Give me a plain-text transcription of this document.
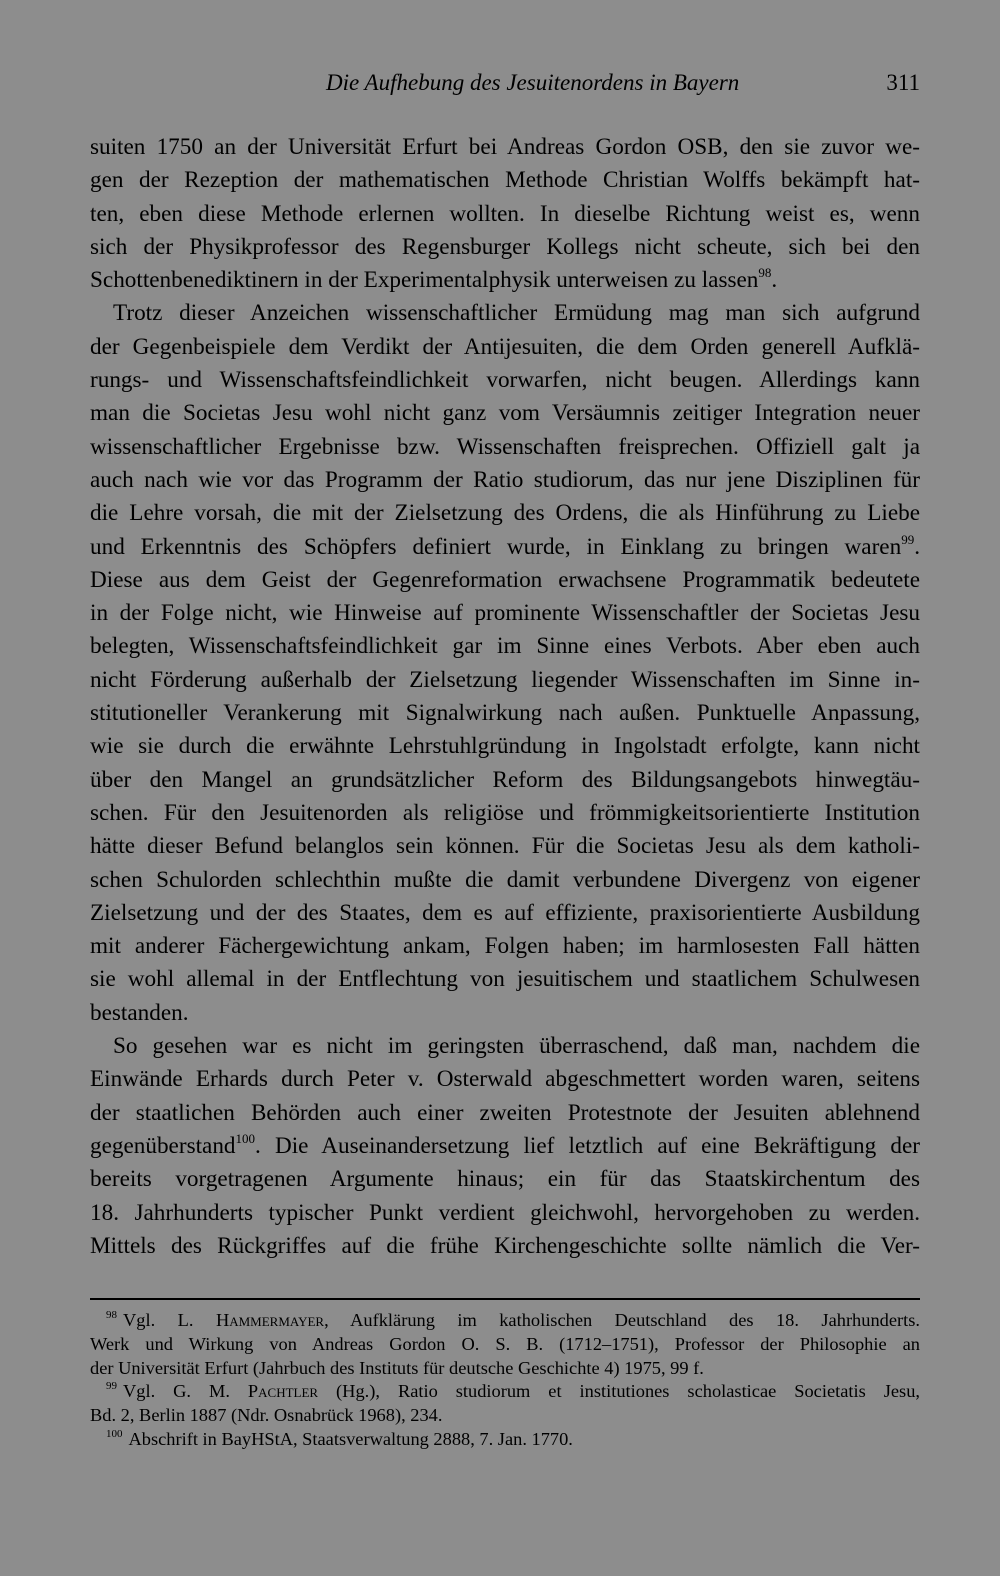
Die Aufhebung des Jesuitenordens in Bayern	311
suiten 1750 an der Universität Erfurt bei Andreas Gordon OSB, den sie zuvor we-
gen der Rezeption der mathematischen Methode Christian Wolffs bekämpft hat-
ten, eben diese Methode erlernen wollten. In dieselbe Richtung weist es, wenn
sich der Physikprofessor des Regensburger Kollegs nicht scheute, sich bei den
Schottenbenediktinern in der Experimentalphysik unterweisen zu lassen$^{98}$.
Trotz dieser Anzeichen wissenschaftlicher Ermüdung mag man sich aufgrund
der Gegenbeispiele dem Verdikt der Antijesuiten, die dem Orden generell Aufklä-
rungs- und Wissenschaftsfeindlichkeit vorwarfen, nicht beugen. Allerdings kann
man die Societas Jesu wohl nicht ganz vom Versäumnis zeitiger Integration neuer
wissenschaftlicher Ergebnisse bzw. Wissenschaften freisprechen. Offiziell galt ja
auch nach wie vor das Programm der Ratio studiorum, das nur jene Disziplinen für
die Lehre vorsah, die mit der Zielsetzung des Ordens, die als Hinführung zu Liebe
und Erkenntnis des Schöpfers definiert wurde, in Einklang zu bringen waren$^{99}$.
Diese aus dem Geist der Gegenreformation erwachsene Programmatik bedeutete
in der Folge nicht, wie Hinweise auf prominente Wissenschaftler der Societas Jesu
belegten, Wissenschaftsfeindlichkeit gar im Sinne eines Verbots. Aber eben auch
nicht Förderung außerhalb der Zielsetzung liegender Wissenschaften im Sinne in-
stitutioneller Verankerung mit Signalwirkung nach außen. Punktuelle Anpassung,
wie sie durch die erwähnte Lehrstuhlgründung in Ingolstadt erfolgte, kann nicht
über den Mangel an grundsätzlicher Reform des Bildungsangebots hinwegtäu-
schen. Für den Jesuitenorden als religiöse und frömmigkeitsorientierte Institution
hätte dieser Befund belanglos sein können. Für die Societas Jesu als dem katholi-
schen Schulorden schlechthin mußte die damit verbundene Divergenz von eigener
Zielsetzung und der des Staates, dem es auf effiziente, praxisorientierte Ausbildung
mit anderer Fächergewichtung ankam, Folgen haben; im harmlosesten Fall hätten
sie wohl allemal in der Entflechtung von jesuitischem und staatlichem Schulwesen
bestanden.
So gesehen war es nicht im geringsten überraschend, daß man, nachdem die
Einwände Erhards durch Peter v. Osterwald abgeschmettert worden waren, seitens
der staatlichen Behörden auch einer zweiten Protestnote der Jesuiten ablehnend
gegenüberstand$^{100}$. Die Auseinandersetzung lief letztlich auf eine Bekräftigung der
bereits vorgetragenen Argumente hinaus; ein für das Staatskirchentum des
18. Jahrhunderts typischer Punkt verdient gleichwohl, hervorgehoben zu werden.
Mittels des Rückgriffes auf die frühe Kirchengeschichte sollte nämlich die Ver-
$^{98}$ Vgl. L. Hammermayer, Aufklärung im katholischen Deutschland des 18. Jahrhunderts.
Werk und Wirkung von Andreas Gordon O. S. B. (1712–1751), Professor der Philosophie an
der Universität Erfurt (Jahrbuch des Instituts für deutsche Geschichte 4) 1975, 99 f.
$^{99}$ Vgl. G. M. Pachtler (Hg.), Ratio studiorum et institutiones scholasticae Societatis Jesu,
Bd. 2, Berlin 1887 (Ndr. Osnabrück 1968), 234.
$^{100}$ Abschrift in BayHStA, Staatsverwaltung 2888, 7. Jan. 1770.
